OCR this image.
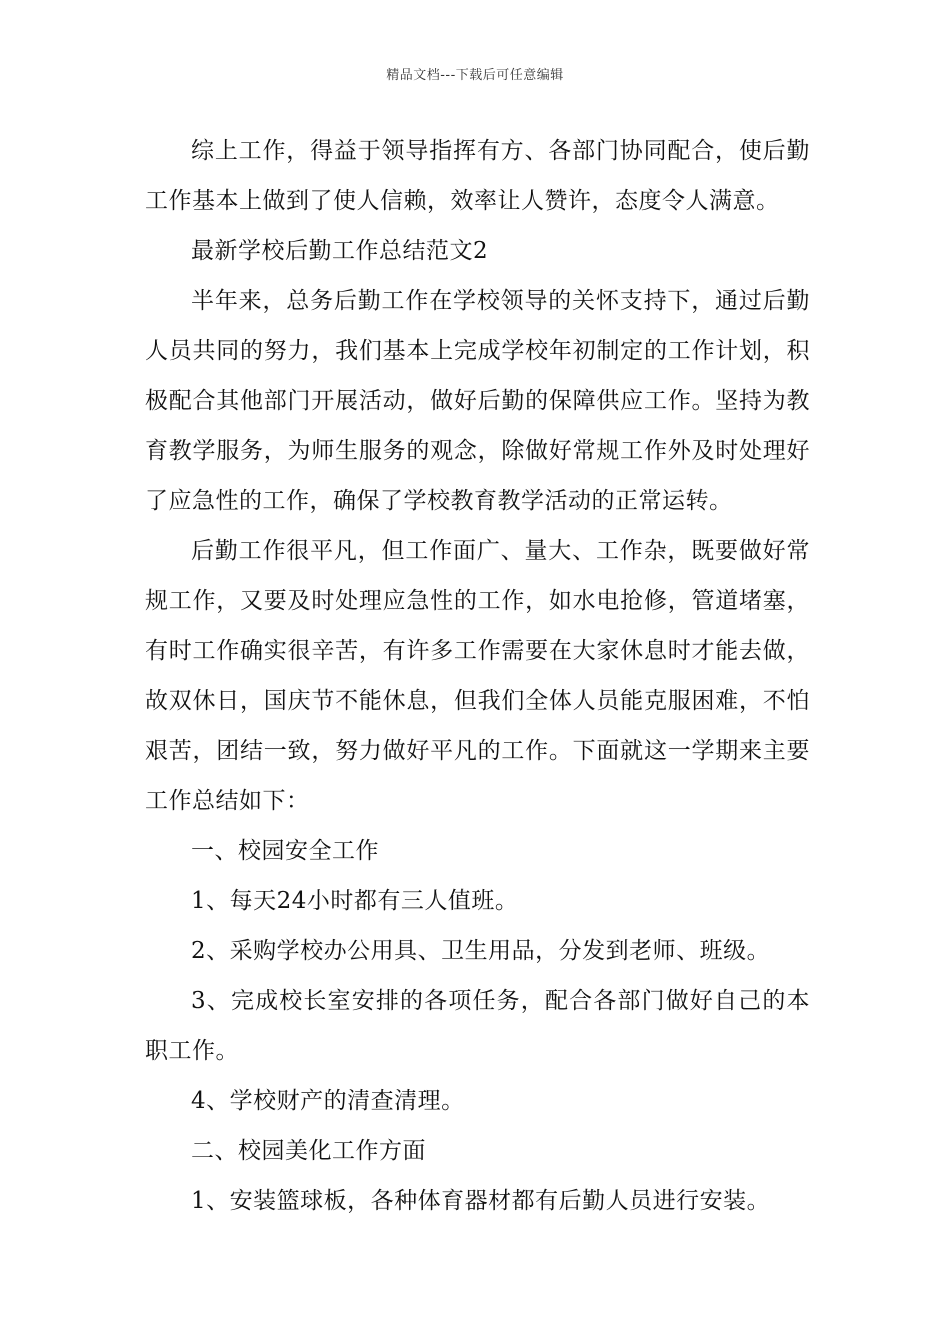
精品文档---下载后可任意编辑

综上工作，得益于领导指挥有方、各部门协同配合，使后勤工作基本上做到了使人信赖，效率让人赞许，态度令人满意。

最新学校后勤工作总结范文2

半年来，总务后勤工作在学校领导的关怀支持下，通过后勤人员共同的努力，我们基本上完成学校年初制定的工作计划，积极配合其他部门开展活动，做好后勤的保障供应工作。坚持为教育教学服务，为师生服务的观念，除做好常规工作外及时处理好了应急性的工作，确保了学校教育教学活动的正常运转。

后勤工作很平凡，但工作面广、量大、工作杂，既要做好常规工作，又要及时处理应急性的工作，如水电抢修，管道堵塞，有时工作确实很辛苦，有许多工作需要在大家休息时才能去做，故双休日，国庆节不能休息，但我们全体人员能克服困难，不怕艰苦，团结一致，努力做好平凡的工作。下面就这一学期来主要工作总结如下：

一、校园安全工作

1、每天24小时都有三人值班。

2、采购学校办公用具、卫生用品，分发到老师、班级。

3、完成校长室安排的各项任务，配合各部门做好自己的本职工作。

4、学校财产的清查清理。

二、校园美化工作方面

1、安装篮球板，各种体育器材都有后勤人员进行安装。
